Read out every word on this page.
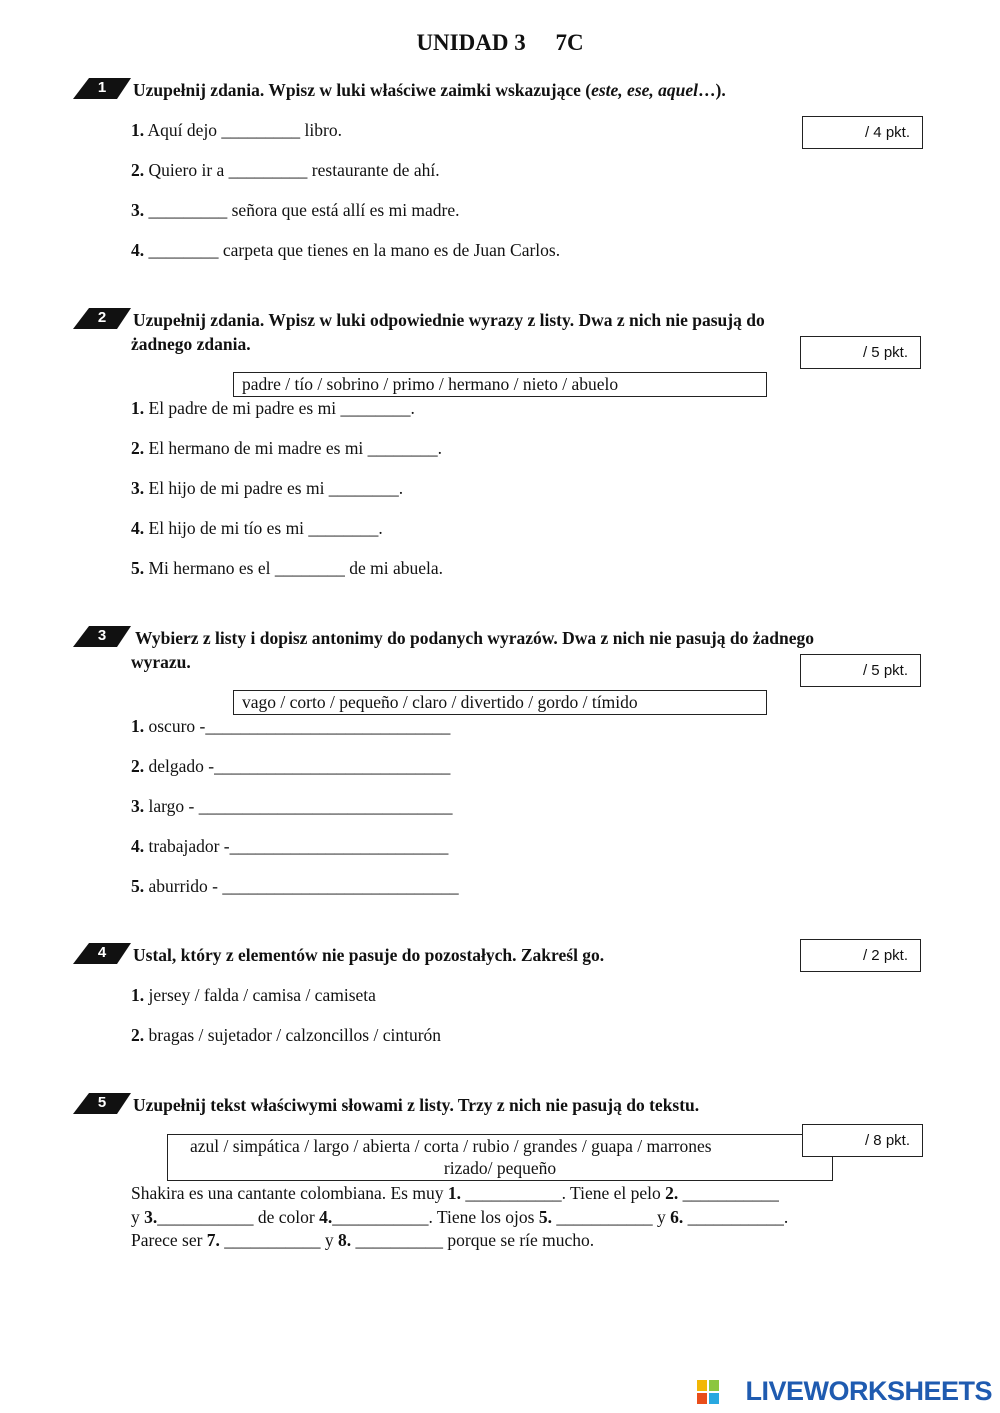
UNIDAD 3 7C
1	Uzupełnij zdania. Wpisz w luki właściwe zaimki wskazujące (este, ese, aquel…).
/ 4 pkt.
1. Aquí dejo _________ libro.
2. Quiero ir a _________ restaurante de ahí.
3. _________ señora que está allí es mi madre.
4. ________ carpeta que tienes en la mano es de Juan Carlos.
2	Uzupełnij zdania. Wpisz w luki odpowiednie wyrazy z listy. Dwa z nich nie pasują do
żadnego zdania.	/ 5 pkt.
padre / tío / sobrino / primo / hermano / nieto / abuelo
1. El padre de mi padre es mi ________.
2. El hermano de mi madre es mi ________.
3. El hijo de mi padre es mi ________.
4. El hijo de mi tío es mi ________.
5. Mi hermano es el ________ de mi abuela.
3	Wybierz z listy i dopisz antonimy do podanych wyrazów. Dwa z nich nie pasują do żadnego
wyrazu.	/ 5 pkt.
vago / corto / pequeño / claro / divertido / gordo / tímido
1. oscuro -____________________________
2. delgado -___________________________
3. largo - _____________________________
4. trabajador -_________________________
5. aburrido - ___________________________
4	Ustal, który z elementów nie pasuje do pozostałych. Zakreśl go.	/ 2 pkt.
1. jersey / falda / camisa / camiseta
2. bragas / sujetador / calzoncillos / cinturón
5	Uzupełnij tekst właściwymi słowami z listy. Trzy z nich nie pasują do tekstu.
azul / simpática / largo / abierta / corta / rubio / grandes / guapa / marrones
rizado/ pequeño
/ 8 pkt.
Shakira es una cantante colombiana. Es muy 1. ___________. Tiene el pelo 2. ___________
y 3.___________ de color 4.___________. Tiene los ojos 5. ___________ y 6. ___________.
Parece ser 7. ___________ y 8. __________ porque se ríe mucho.
LIVEWORKSHEETS
